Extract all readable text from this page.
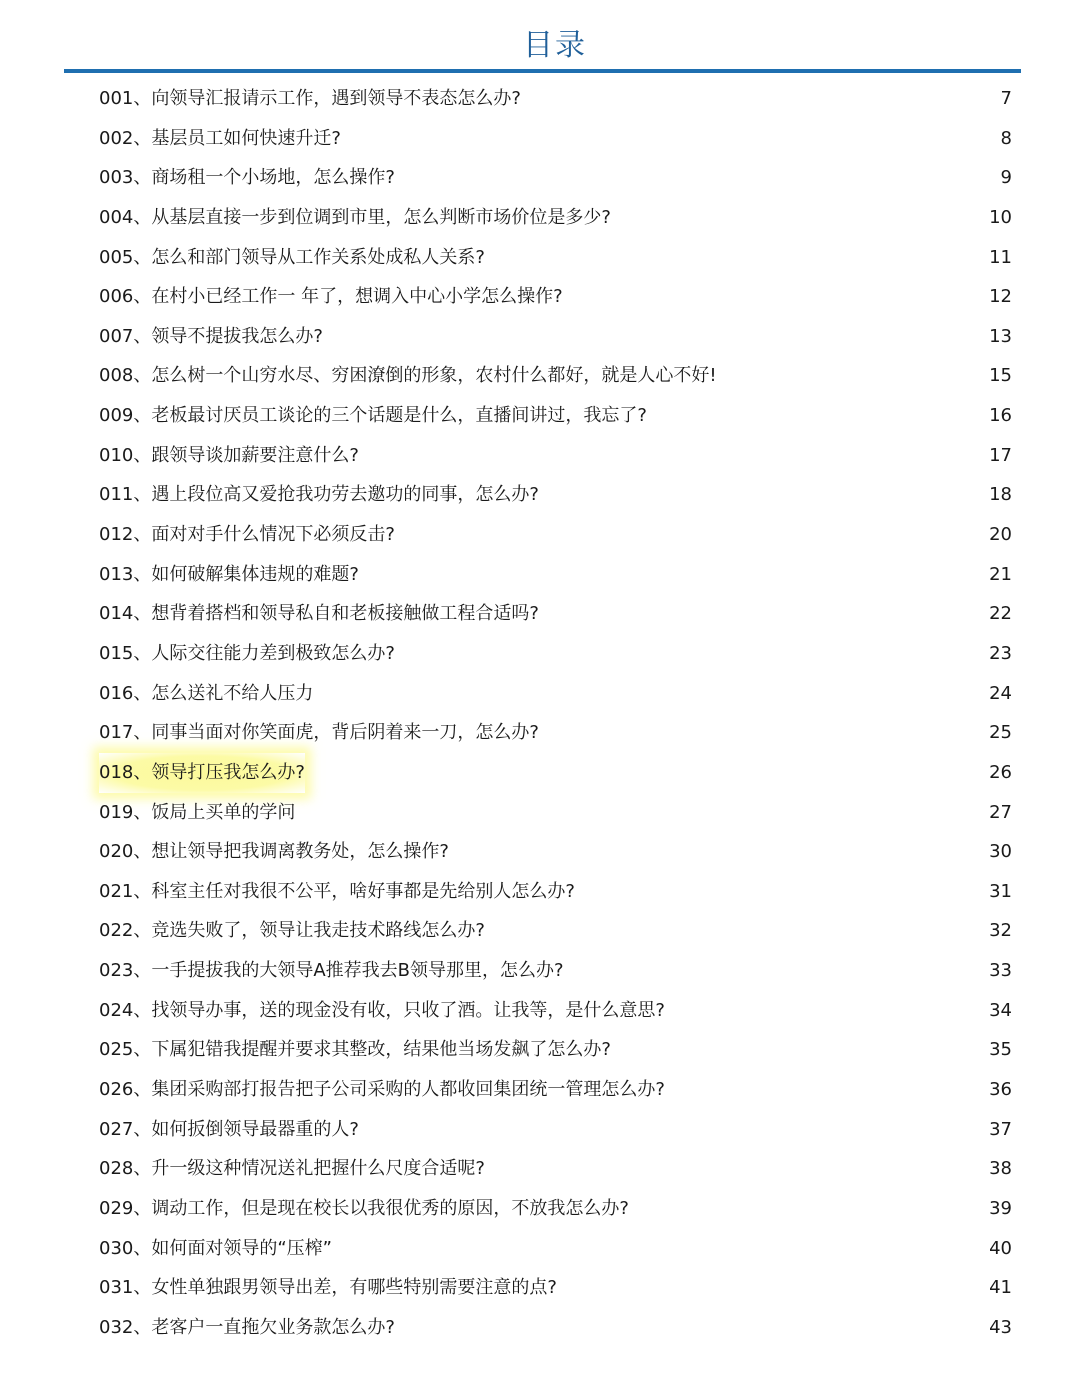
目录
001、向领导汇报请示工作，遇到领导不表态怎么办?	7
002、基层员工如何快速升迁?	8
003、商场租一个小场地，怎么操作?	9
004、从基层直接一步到位调到市里，怎么判断市场价位是多少?	10
005、怎么和部门领导从工作关系处成私人关系?	11
006、在村小已经工作一 年了，想调入中心小学怎么操作?	12
007、领导不提拔我怎么办?	13
008、怎么树一个山穷水尽、穷困潦倒的形象，农村什么都好，就是人心不好!	15
009、老板最讨厌员工谈论的三个话题是什么，直播间讲过，我忘了?	16
010、跟领导谈加薪要注意什么?	17
011、遇上段位高又爱抢我功劳去邀功的同事，怎么办?	18
012、面对对手什么情况下必须反击?	20
013、如何破解集体违规的难题?	21
014、想背着搭档和领导私自和老板接触做工程合适吗?	22
015、人际交往能力差到极致怎么办?	23
016、怎么送礼不给人压力	24
017、同事当面对你笑面虎，背后阴着来一刀，怎么办?	25
018、领导打压我怎么办?	26
019、饭局上买单的学问	27
020、想让领导把我调离教务处，怎么操作?	30
021、科室主任对我很不公平，啥好事都是先给别人怎么办?	31
022、竞选失败了，领导让我走技术路线怎么办?	32
023、一手提拔我的大领导A推荐我去B领导那里，怎么办?	33
024、找领导办事，送的现金没有收，只收了酒。让我等，是什么意思?	34
025、下属犯错我提醒并要求其整改，结果他当场发飙了怎么办?	35
026、集团采购部打报告把子公司采购的人都收回集团统一管理怎么办?	36
027、如何扳倒领导最器重的人?	37
028、升一级这种情况送礼把握什么尺度合适呢?	38
029、调动工作，但是现在校长以我很优秀的原因，不放我怎么办?	39
030、如何面对领导的“压榨”	40
031、女性单独跟男领导出差，有哪些特别需要注意的点?	41
032、老客户一直拖欠业务款怎么办?	43
